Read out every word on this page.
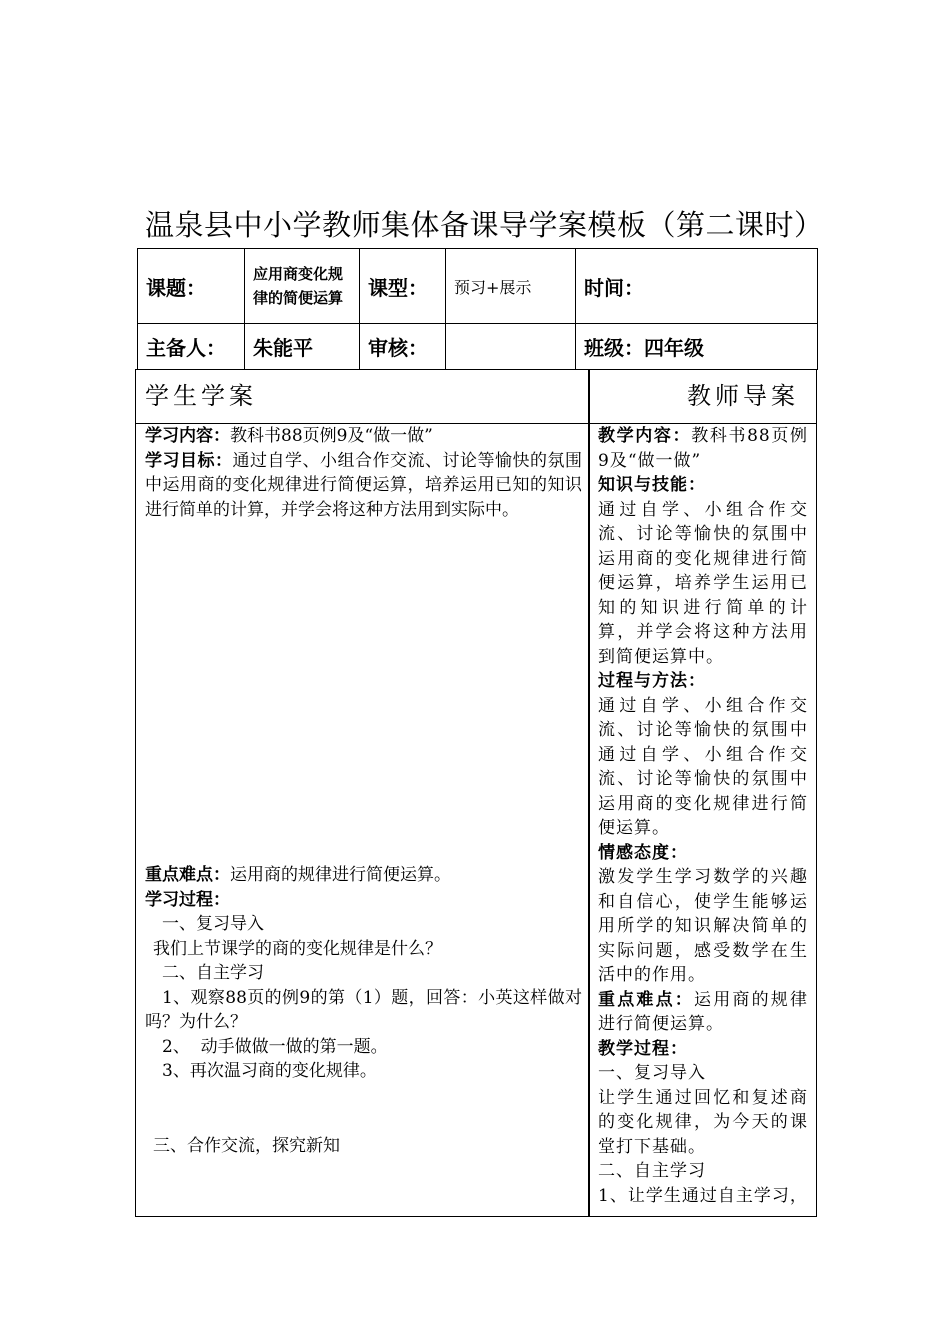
温泉县中小学教师集体备课导学案模板（第二课时）
课题：	应用商变化规律的简便运算	课型：	预习+展示	时间：
主备人：	朱能平	审核：		班级：四年级
学生学案

学习内容：教科书88页例9及“做一做”

学习目标：通过自学、小组合作交流、讨论等愉快的氛围中运用商的变化规律进行简便运算，培养运用已知的知识进行简单的计算，并学会将这种方法用到实际中。

重点难点：运用商的规律进行简便运算。

学习过程：

一、复习导入

我们上节课学的商的变化规律是什么？

二、自主学习

1、观察88页的例9的第（1）题，回答：小英这样做对吗？为什么？

2、  动手做做一做的第一题。

3、再次温习商的变化规律。

三、合作交流，探究新知

教师导案

教学内容：教科书88页例9及“做一做”

知识与技能：

通过自学、小组合作交流、讨论等愉快的氛围中运用商的变化规律进行简便运算，培养学生运用已知的知识进行简单的计算，并学会将这种方法用到简便运算中。

过程与方法：

通过自学、小组合作交流、讨论等愉快的氛围中通过自学、小组合作交流、讨论等愉快的氛围中运用商的变化规律进行简便运算。

情感态度：

激发学生学习数学的兴趣和自信心，使学生能够运用所学的知识解决简单的实际问题，感受数学在生活中的作用。

重点难点：运用商的规律进行简便运算。

教学过程：

一、复习导入

让学生通过回忆和复述商的变化规律，为今天的课堂打下基础。

二、自主学习

1、让学生通过自主学习，
